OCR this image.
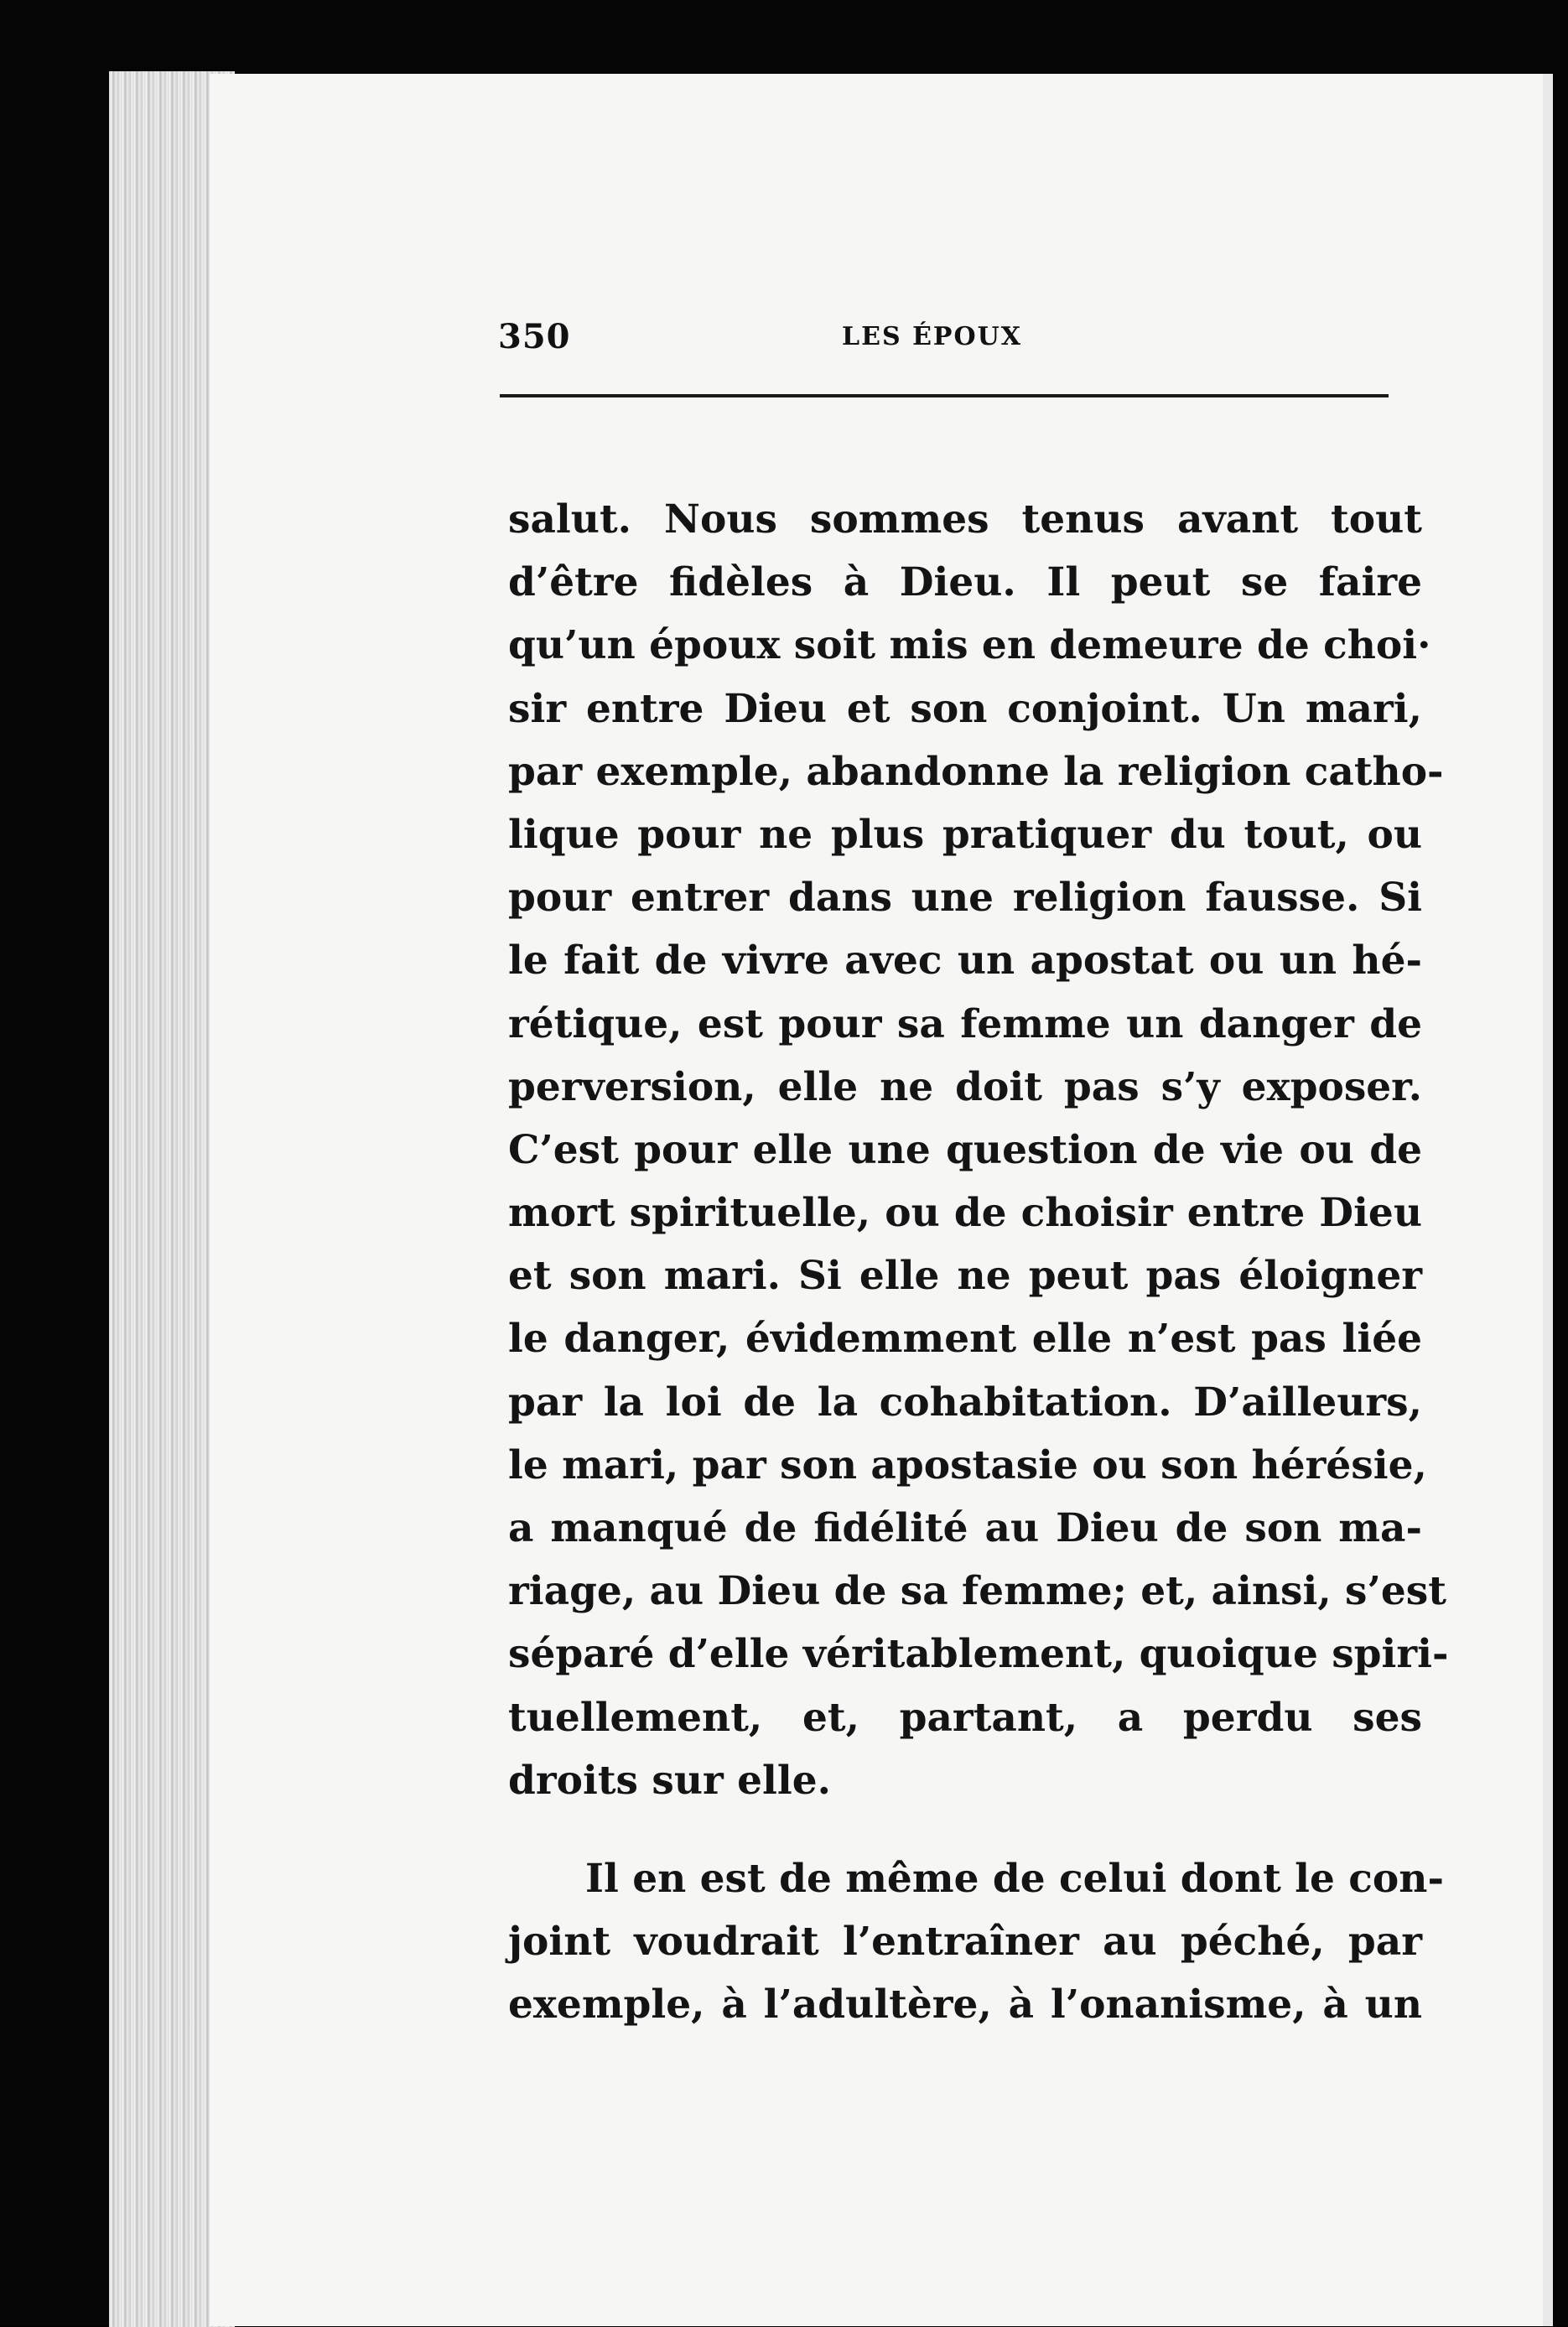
350	LES ÉPOUX
salut. Nous sommes tenus avant tout
d’être fidèles à Dieu. Il peut se faire
qu’un époux soit mis en demeure de choi·
sir entre Dieu et son conjoint. Un mari,
par exemple, abandonne la religion catho-
lique pour ne plus pratiquer du tout, ou
pour entrer dans une religion fausse. Si
le fait de vivre avec un apostat ou un hé-
rétique, est pour sa femme un danger de
perversion, elle ne doit pas s’y exposer.
C’est pour elle une question de vie ou de
mort spirituelle, ou de choisir entre Dieu
et son mari. Si elle ne peut pas éloigner
le danger, évidemment elle n’est pas liée
par la loi de la cohabitation. D’ailleurs,
le mari, par son apostasie ou son hérésie,
a manqué de fidélité au Dieu de son ma-
riage, au Dieu de sa femme; et, ainsi, s’est
séparé d’elle véritablement, quoique spiri-
tuellement, et, partant, a perdu ses
droits sur elle.
Il en est de même de celui dont le con-
joint voudrait l’entraîner au péché, par
exemple, à l’adultère, à l’onanisme, à un
